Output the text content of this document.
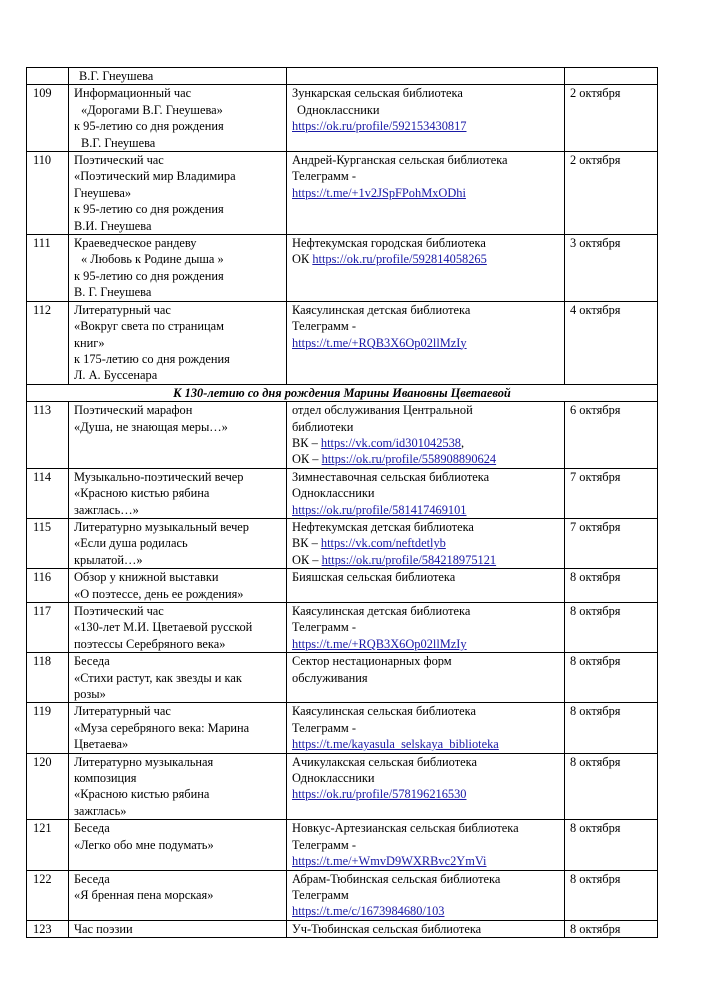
	В.Г. Гнеушева		

109	Информационный час
«Дорогами В.Г. Гнеушева»
к 95-летию со дня рождения
В.Г. Гнеушева	Зункарская сельская библиотека
Одноклассники
https://ok.ru/profile/592153430817	2 октября
110	Поэтический час
«Поэтический мир Владимира
Гнеушева»
к 95-летию со дня рождения
В.И. Гнеушева	Андрей-Курганская сельская библиотека
Телеграмм -
https://t.me/+1v2JSpFPohMxODhi	2 октября
111	Краеведческое рандеву
« Любовь к Родине дыша »
к 95-летию со дня рождения
В. Г. Гнеушева	Нефтекумская городская библиотека
ОК https://ok.ru/profile/592814058265	3 октября
112	Литературный час
«Вокруг света по страницам
книг»
к 175-летию со дня рождения
Л. А. Буссенара	Каясулинская детская библиотека
Телеграмм -
https://t.me/+RQB3X6Op02llMzIy	4 октября
К 130-летию со дня рождения Марины Ивановны Цветаевой			
113	Поэтический марафон
«Душа, не знающая меры…»	отдел обслуживания Центральной
библиотеки
ВК – https://vk.com/id301042538,
ОК – https://ok.ru/profile/558908890624	6 октября
114	Музыкально-поэтический вечер
«Красною кистью рябина
зажглась…»	Зимнеставочная сельская библиотека
Одноклассники
https://ok.ru/profile/581417469101	7 октября
115	Литературно музыкальный вечер
«Если душа родилась
крылатой…»	Нефтекумская детская библиотека
ВК – https://vk.com/neftdetlyb
ОК – https://ok.ru/profile/584218975121	7 октября
116	Обзор у книжной выставки
«О поэтессе, день ее рождения»	Бияшская сельская библиотека	8 октября
117	Поэтический час
«130-лет М.И. Цветаевой русской
поэтессы Серебряного века»	Каясулинская детская библиотека
Телеграмм -
https://t.me/+RQB3X6Op02llMzIy	8 октября
118	Беседа
«Стихи растут, как звезды и как
розы»	Сектор нестационарных форм
обслуживания	8 октября
119	Литературный час
«Муза серебряного века: Марина
Цветаева»	Каясулинская сельская библиотека
Телеграмм -
https://t.me/kayasula_selskaya_biblioteka	8 октября
120	Литературно музыкальная
композиция
«Красною кистью рябина
зажглась»	Ачикулакская сельская библиотека
Одноклассники
https://ok.ru/profile/578196216530	8 октября
121	Беседа
«Легко обо мне подумать»	Новкус-Артезианская сельская библиотека
Телеграмм -
https://t.me/+WmvD9WXRBvc2YmVi	8 октября
122	Беседа
«Я бренная пена морская»	Абрам-Тюбинская сельская библиотека
Телеграмм
https://t.me/c/1673984680/103	8 октября
123	Час поэзии	Уч-Тюбинская сельская библиотека	8 октября
